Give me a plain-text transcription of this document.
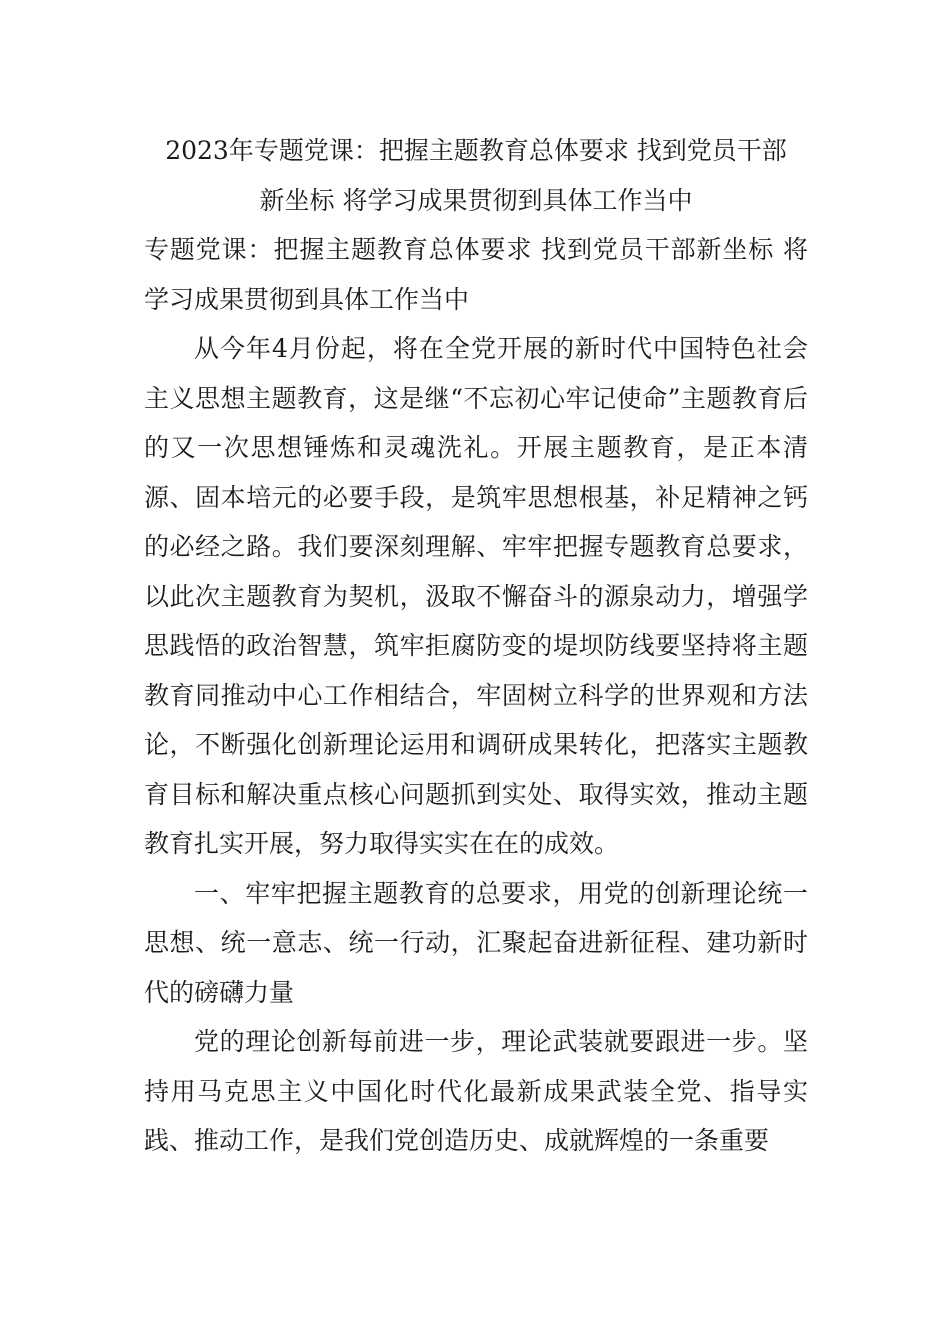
2023年专题党课：把握主题教育总体要求 找到党员干部
新坐标 将学习成果贯彻到具体工作当中

专题党课：把握主题教育总体要求 找到党员干部新坐标 将学习成果贯彻到具体工作当中

从今年4月份起，将在全党开展的新时代中国特色社会主义思想主题教育，这是继“不忘初心牢记使命”主题教育后的又一次思想锤炼和灵魂洗礼。开展主题教育，是正本清源、固本培元的必要手段，是筑牢思想根基，补足精神之钙的必经之路。我们要深刻理解、牢牢把握专题教育总要求，以此次主题教育为契机，汲取不懈奋斗的源泉动力，增强学思践悟的政治智慧，筑牢拒腐防变的堤坝防线要坚持将主题教育同推动中心工作相结合，牢固树立科学的世界观和方法论，不断强化创新理论运用和调研成果转化，把落实主题教育目标和解决重点核心问题抓到实处、取得实效，推动主题教育扎实开展，努力取得实实在在的成效。

一、牢牢把握主题教育的总要求，用党的创新理论统一思想、统一意志、统一行动，汇聚起奋进新征程、建功新时代的磅礴力量

党的理论创新每前进一步，理论武装就要跟进一步。坚持用马克思主义中国化时代化最新成果武装全党、指导实践、推动工作，是我们党创造历史、成就辉煌的一条重要
